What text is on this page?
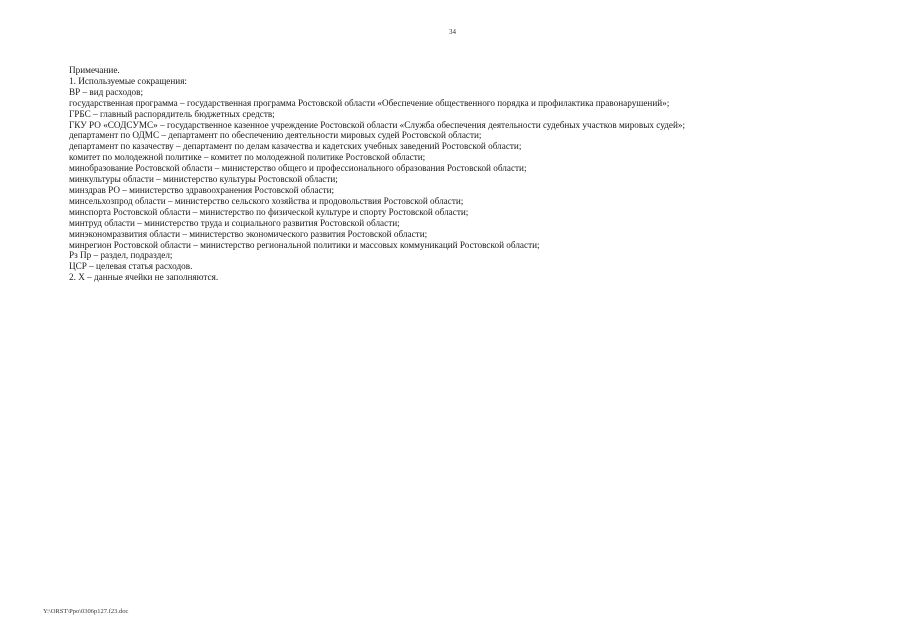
34
Примечание.
1. Используемые сокращения:
ВР – вид расходов;
государственная программа – государственная программа Ростовской области «Обеспечение общественного порядка и профилактика правонарушений»;
ГРБС – главный распорядитель бюджетных средств;
ГКУ РО «СОДСУМС» – государственное казенное учреждение Ростовской области «Служба обеспечения деятельности судебных участков мировых судей»;
департамент по ОДМС – департамент по обеспечению деятельности мировых судей Ростовской области;
департамент по казачеству – департамент по делам казачества и кадетских учебных заведений Ростовской области;
комитет по молодежной политике – комитет по молодежной политике Ростовской области;
минобразование Ростовской области – министерство общего и профессионального образования Ростовской области;
минкультуры области – министерство культуры Ростовской области;
минздрав РО – министерство здравоохранения Ростовской области;
минсельхозпрод области – министерство сельского хозяйства и продовольствия Ростовской области;
минспорта Ростовской области – министерство по физической культуре и спорту Ростовской области;
минтруд области – министерство труда и социального развития Ростовской области;
минэкономразвития области – министерство экономического развития Ростовской области;
минрегион Ростовской области – министерство региональной политики и массовых коммуникаций Ростовской области;
Рз Пр – раздел, подраздел;
ЦСР – целевая статья расходов.
2. Х – данные ячейки не заполняются.
Y:\ORST\Ppo\0306p127.f23.doc
